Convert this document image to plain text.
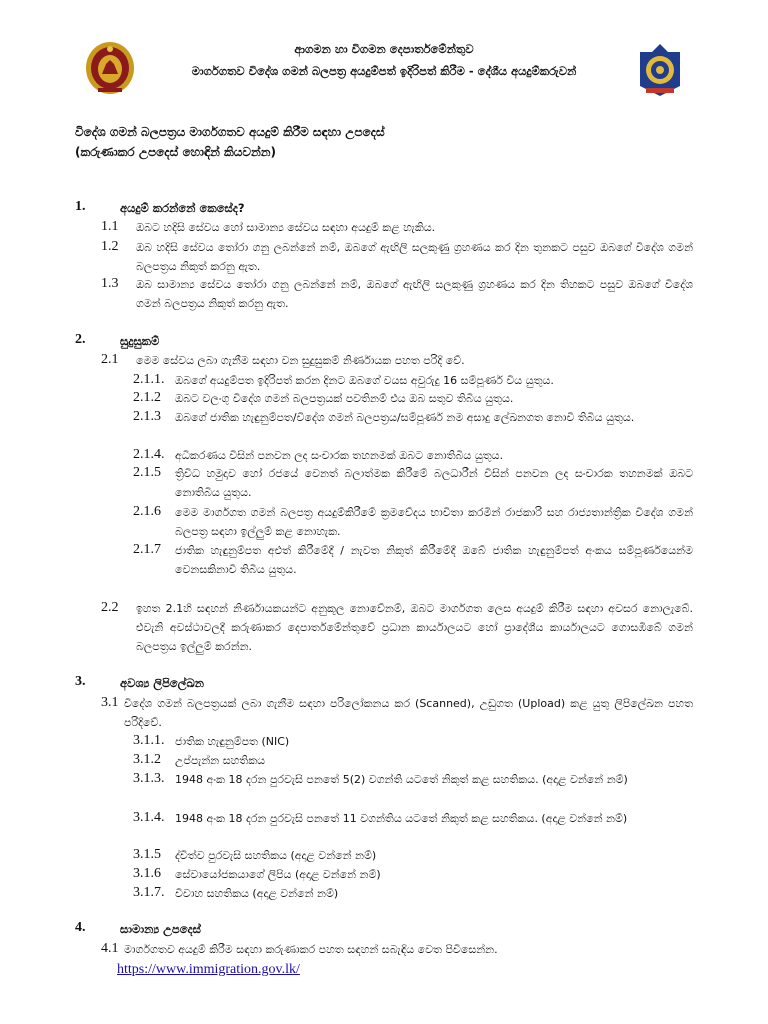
ආගමන හා විගමන දෙපාර්තමේන්තුව
මාර්ගගතව විදේශ ගමන් බලපත්‍ර අයදුම්පත් ඉදිරිපත් කිරීම - දේශීය අයදුම්කරුවන්
විදේශ ගමන් බලපත්‍රය මාර්ගගතව අයදුම් කිරීම සඳහා උපදෙස්
(කරුණාකර උපදෙස් හොඳින් කියවන්න)
1.	අයදුම් කරන්නේ කෙසේද?
1.1 ඔබට හදිසි සේවය හෝ සාමාන්‍ය සේවය සඳහා අයදුම් කළ හැකිය.
1.2 ඔබ හදිසි සේවය තෝරා ගනු ලබන්නේ නම්, ඔබගේ ඇඟිලි සලකුණු ග්‍රහණය කර දින තුනකට පසුව ඔබගේ විදේශ ගමන් බලපත්‍රය නිකුත් කරනු ඇත.
1.3 ඔබ සාමාන්‍ය සේවය තෝරා ගනු ලබන්නේ නම්, ඔබගේ ඇඟිලි සලකුණු ග්‍රහණය කර දින තිහකට පසුව ඔබගේ විදේශ ගමන් බලපත්‍රය නිකුත් කරනු ඇත.
2.	සුදුසුකම්
2.1 මෙම සේවය ලබා ගැනීම සඳහා වන සුදුසුකම් නිර්ණායක පහත පරිදි වේ.
2.1.1. ඔබගේ අයදුම්පත ඉදිරිපත් කරන දිනට ඔබගේ වයස අවුරුදු 16 සම්පූර්ණ විය යුතුය.
2.1.2 ඔබට වලංගු විදේශ ගමන් බලපත්‍රයක් පවතිනම් එය ඔබ සතුව තිබිය යුතුය.
2.1.3 ඔබගේ ජාතික හැඳුනුම්පත/විදේශ ගමන් බලපත්‍රය/සම්පූර්ණ නම අසාදු ලේඛනගත නොවී තිබිය යුතුය.
2.1.4. අධිකරණය විසින් පනවන ලද සංචාරක තහනමක් ඔබට නොතිබිය යුතුය.
2.1.5 ත්‍රිවිධ හමුදාව හෝ රජයේ වෙනත් බලාත්මක කිරීමේ බලධාරීන් විසින් පනවන ලද සංචාරක තහනමක් ඔබට නොතිබිය යුතුය.
2.1.6 මෙම මාර්ගගත ගමන් බලපත්‍ර අයදුම්කිරීමේ ක්‍රමවේදය භාවිතා කරමින් රාජකාරි සහ රාජ්‍යතාන්ත්‍රික විදේශ ගමන් බලපත්‍ර සඳහා ඉල්ලුම් කළ නොහැක.
2.1.7 ජාතික හැඳුනුම්පත අළුත් කිරීමේදී / නැවත නිකුත් කිරීමේදී ඔබේ ජාතික හැඳුනුම්පත් අංකය සම්පූර්ණයෙන්ම වෙනසකිනාවී තිබිය යුතුය.
2.2 ඉහත 2.1හි සඳහන් නිර්ණායකයන්ට අනුකූල නොවේනම්, ඔබට මාර්ගගත ලෙස අයදුම් කිරීම සඳහා අවසර නොලැබේ. එවැනි අවස්ථාවලදී කරුණාකර දෙපාර්තමේන්තුවේ ප්‍රධාන කාර්යාලයට හෝ ප්‍රාදේශීය කාර්යාලයට ගොසඹිබේ ගමන් බලපත්‍රය ඉල්ලුම් කරන්න.
3.	අවශ්‍ය ලිපිලේඛන
3.1 විදේශ ගමන් බලපත්‍රයක් ලබා ගැනීම සඳහා පරිලෝකනය කර (Scanned), උඩුගත (Upload) කළ යුතු ලිපිලේඛන පහත පරිදිවේ.
3.1.1. ජාතික හැඳුනුම්පත (NIC)
3.1.2 උප්පැන්න සහතිකය
3.1.3. 1948 අංක 18 දරන පුරවැසි පනතේ 5(2) වගන්ති යටතේ නිකුත් කළ සහතිකය. (අදාළ වන්නේ නම්)
3.1.4. 1948 අංක 18 දරන පුරවැසි පනතේ 11 වගන්තිය යටතේ නිකුත් කළ සහතිකය. (අදාළ වන්නේ නම්)
3.1.5 ද්විත්ව පුරවැසි සහතිකය (අදාළ වන්නේ නම්)
3.1.6 සේවායෝජකයාගේ ලිපිය (අදාළ වන්නේ නම්)
3.1.7. විවාහ සහතිකය (අදාළ වන්නේ නම්)
4.	සාමාන්‍ය උපදෙස්
4.1 මාර්ගගතව අයදුම් කිරීම සඳහා කරුණාකර පහත සඳහන් සබැඳිය වෙත පිවිසෙන්න.
https://www.immigration.gov.lk/
